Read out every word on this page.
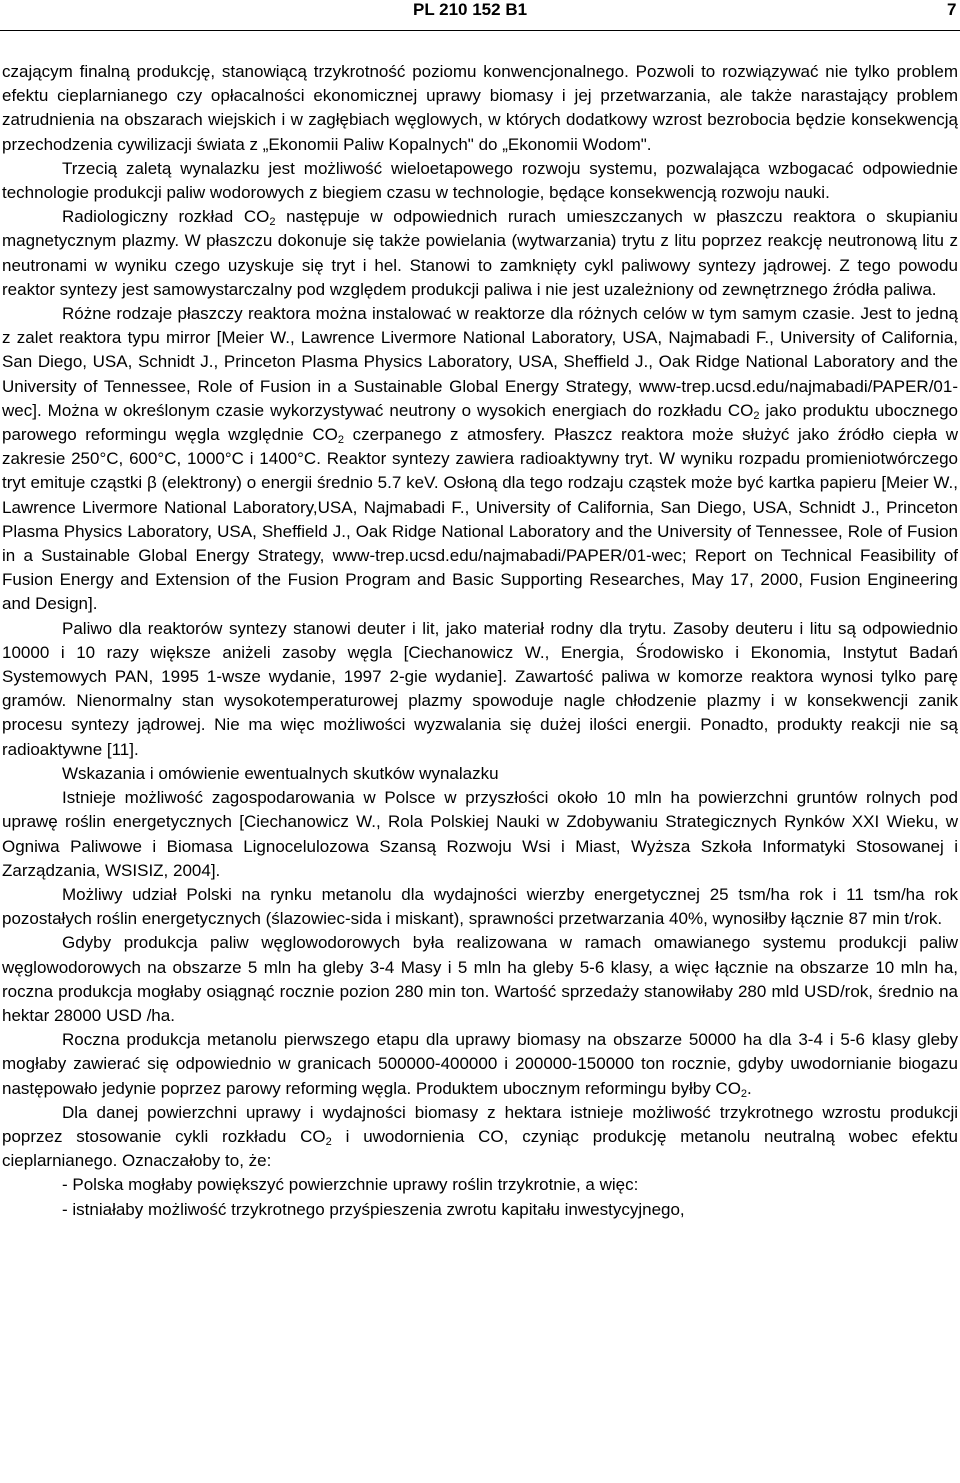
PL 210 152 B1	7

czającym finalną produkcję, stanowiącą trzykrotność poziomu konwencjonalnego. Pozwoli to rozwiązywać nie tylko problem efektu cieplarnianego czy opłacalności ekonomicznej uprawy biomasy i jej przetwarzania, ale także narastający problem zatrudnienia na obszarach wiejskich i w zagłębiach węglowych, w których dodatkowy wzrost bezrobocia będzie konsekwencją przechodzenia cywilizacji świata z „Ekonomii Paliw Kopalnych" do „Ekonomii Wodom".

Trzecią zaletą wynalazku jest możliwość wieloetapowego rozwoju systemu, pozwalająca wzbogacać odpowiednie technologie produkcji paliw wodorowych z biegiem czasu w technologie, będące konsekwencją rozwoju nauki.

Radiologiczny rozkład $CO_2$ następuje w odpowiednich rurach umieszczanych w płaszczu reaktora o skupianiu magnetycznym plazmy. W płaszczu dokonuje się także powielania (wytwarzania) trytu z litu poprzez reakcję neutronową litu z neutronami w wyniku czego uzyskuje się tryt i hel. Stanowi to zamknięty cykl paliwowy syntezy jądrowej. Z tego powodu reaktor syntezy jest samowystarczalny pod względem produkcji paliwa i nie jest uzależniony od zewnętrznego źródła paliwa.

Różne rodzaje płaszczy reaktora można instalować w reaktorze dla różnych celów w tym samym czasie. Jest to jedną z zalet reaktora typu mirror [Meier W., Lawrence Livermore National Laboratory, USA, Najmabadi F., University of California, San Diego, USA, Schnidt J., Princeton Plasma Physics Laboratory, USA, Sheffield J., Oak Ridge National Laboratory and the University of Tennessee, Role of Fusion in a Sustainable Global Energy Strategy, www-trep.ucsd.edu/najmabadi/PAPER/01-wec]. Można w określonym czasie wykorzystywać neutrony o wysokich energiach do rozkładu $CO_2$ jako produktu ubocznego parowego reformingu węgla względnie $CO_2$ czerpanego z atmosfery. Płaszcz reaktora może służyć jako źródło ciepła w zakresie 250°C, 600°C, 1000°C i 1400°C. Reaktor syntezy zawiera radioaktywny tryt. W wyniku rozpadu promieniotwórczego tryt emituje cząstki β (elektrony) o energii średnio 5.7 keV. Osłoną dla tego rodzaju cząstek może być kartka papieru [Meier W., Lawrence Livermore National Laboratory,USA, Najmabadi F., University of California, San Diego, USA, Schnidt J., Princeton Plasma Physics Laboratory, USA, Sheffield J., Oak Ridge National Laboratory and the University of Tennessee, Role of Fusion in a Sustainable Global Energy Strategy, www-trep.ucsd.edu/najmabadi/PAPER/01-wec; Report on Technical Feasibility of Fusion Energy and Extension of the Fusion Program and Basic Supporting Researches, May 17, 2000, Fusion Engineering and Design].

Paliwo dla reaktorów syntezy stanowi deuter i lit, jako materiał rodny dla trytu. Zasoby deuteru i litu są odpowiednio 10000 i 10 razy większe aniżeli zasoby węgla [Ciechanowicz W., Energia, Środowisko i Ekonomia, Instytut Badań Systemowych PAN, 1995 1-wsze wydanie, 1997 2-gie wydanie]. Zawartość paliwa w komorze reaktora wynosi tylko parę gramów. Nienormalny stan wysokotemperaturowej plazmy spowoduje nagle chłodzenie plazmy i w konsekwencji zanik procesu syntezy jądrowej. Nie ma więc możliwości wyzwalania się dużej ilości energii. Ponadto, produkty reakcji nie są radioaktywne [11].

Wskazania i omówienie ewentualnych skutków wynalazku

Istnieje możliwość zagospodarowania w Polsce w przyszłości około 10 mln ha powierzchni gruntów rolnych pod uprawę roślin energetycznych [Ciechanowicz W., Rola Polskiej Nauki w Zdobywaniu Strategicznych Rynków XXI Wieku, w Ogniwa Paliwowe i Biomasa Lignocelulozowa Szansą Rozwoju Wsi i Miast, Wyższa Szkoła Informatyki Stosowanej i Zarządzania, WSISIZ, 2004].

Możliwy udział Polski na rynku metanolu dla wydajności wierzby energetycznej 25 tsm/ha rok i 11 tsm/ha rok pozostałych roślin energetycznych (ślazowiec-sida i miskant), sprawności przetwarzania 40%, wynosiłby łącznie 87 min t/rok.

Gdyby produkcja paliw węglowodorowych była realizowana w ramach omawianego systemu produkcji paliw węglowodorowych na obszarze 5 mln ha gleby 3-4 Masy i 5 mln ha gleby 5-6 klasy, a więc łącznie na obszarze 10 mln ha, roczna produkcja mogłaby osiągnąć rocznie pozion 280 min ton. Wartość sprzedaży stanowiłaby 280 mld USD/rok, średnio na hektar 28000 USD /ha.

Roczna produkcja metanolu pierwszego etapu dla uprawy biomasy na obszarze 50000 ha dla 3-4 i 5-6 klasy gleby mogłaby zawierać się odpowiednio w granicach 500000-400000 i 200000-150000 ton rocznie, gdyby uwodornianie biogazu następowało jedynie poprzez parowy reforming węgla. Produktem ubocznym reformingu byłby $CO_2$.

Dla danej powierzchni uprawy i wydajności biomasy z hektara istnieje możliwość trzykrotnego wzrostu produkcji poprzez stosowanie cykli rozkładu $CO_2$ i uwodornienia CO, czyniąc produkcję metanolu neutralną wobec efektu cieplarnianego. Oznaczałoby to, że:

- Polska mogłaby powiększyć powierzchnie uprawy roślin trzykrotnie, a więc:

- istniałaby możliwość trzykrotnego przyśpieszenia zwrotu kapitału inwestycyjnego,
